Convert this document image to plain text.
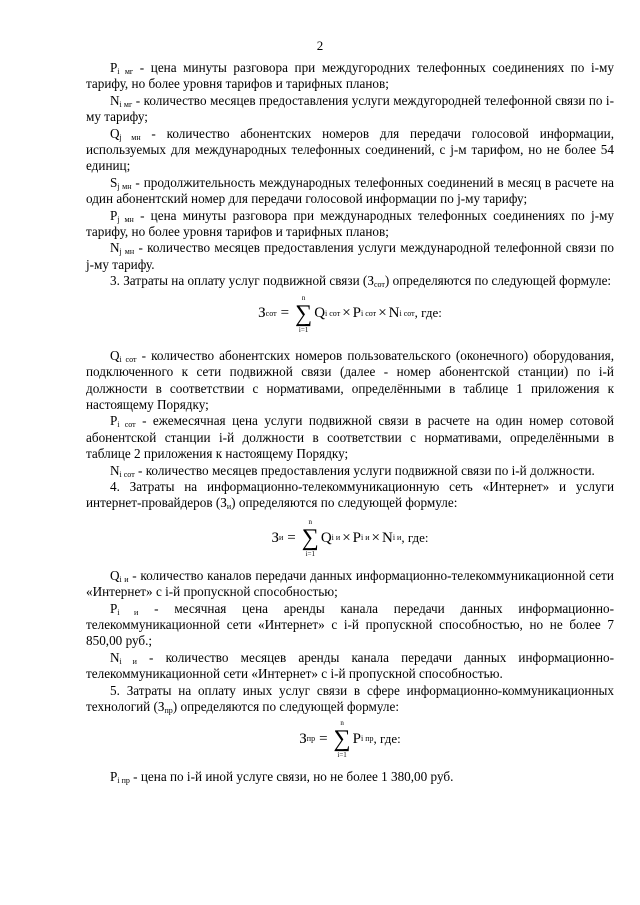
2

$P_{i мг}$ - цена минуты разговора при междугородних телефонных соединениях по i-му тарифу, но более уровня тарифов и тарифных планов;

$N_{i мг}$ - количество месяцев предоставления услуги междугородней телефонной связи по i-му тарифу;

$Q_{j мн}$ - количество абонентских номеров для передачи голосовой информации, используемых для международных телефонных соединений, с j-м тарифом, но не более 54 единиц;

$S_{j мн}$ - продолжительность международных телефонных соединений в месяц в расчете на один абонентский номер для передачи голосовой информации по j-му тарифу;

$P_{j мн}$ - цена минуты разговора при международных телефонных соединениях по j-му тарифу, но более уровня тарифов и тарифных планов;

$N_{j мн}$ - количество месяцев предоставления услуги международной телефонной связи по j-му тарифу.

3. Затраты на оплату услуг подвижной связи $(З_{сот})$ определяются по следующей формуле:

З сот =
n
∑
i=1
Q i сот × P i сот × N i сот , где:

$Q_{i сот}$ - количество абонентских номеров пользовательского (оконечного) оборудования, подключенного к сети подвижной связи (далее - номер абонентской станции) по i-й должности в соответствии с нормативами, определёнными в таблице 1 приложения к настоящему Порядку;

$P_{i сот}$ - ежемесячная цена услуги подвижной связи в расчете на один номер сотовой абонентской станции i-й должности в соответствии с нормативами, определёнными в таблице 2 приложения к настоящему Порядку;

$N_{i сот}$ - количество месяцев предоставления услуги подвижной связи по i-й должности.

4. Затраты на информационно-телекоммуникационную сеть «Интернет» и услуги интернет-провайдеров $(З_и)$ определяются по следующей формуле:

З и =
n
∑
i=1
Q i и × P i и × N i и , где:

$Q_{i и}$ - количество каналов передачи данных информационно-телекоммуникационной сети «Интернет» с i-й пропускной способностью;

$P_{i и}$ - месячная цена аренды канала передачи данных информационно-телекоммуникационной сети «Интернет» с i-й пропускной способностью, но не более 7 850,00 руб.;

$N_{i и}$ - количество месяцев аренды канала передачи данных информационно-телекоммуникационной сети «Интернет» с i-й пропускной способностью.

5. Затраты на оплату иных услуг связи в сфере информационно-коммуникационных технологий $(З_{пр})$ определяются по следующей формуле:

З пр =
n
∑
i=1
P i пр , где:

$P_{i пр}$ - цена по i-й иной услуге связи, но не более 1 380,00 руб.
